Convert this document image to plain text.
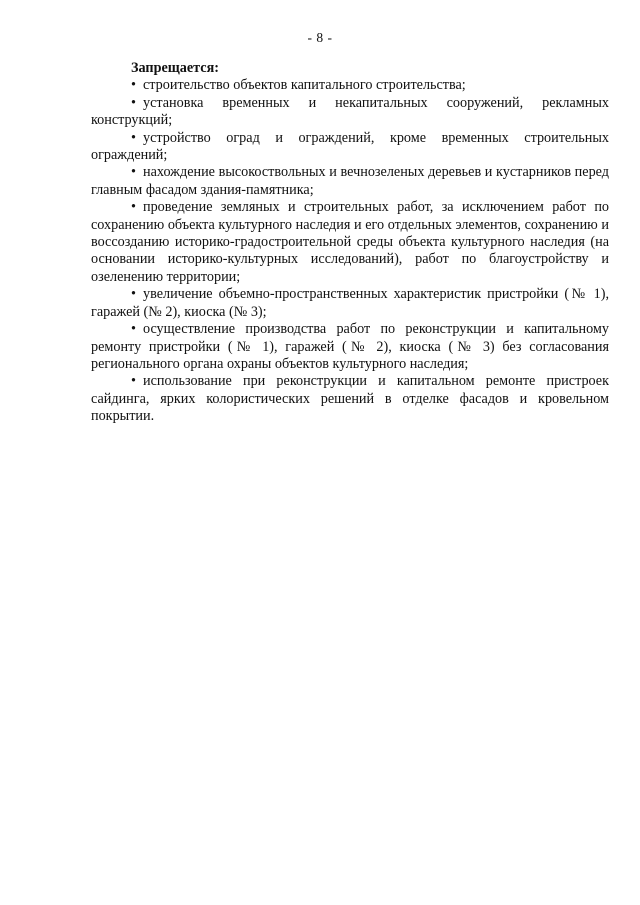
- 8 -

Запрещается:

• строительство объектов капитального строительства;

• установка временных и некапитальных сооружений, рекламных конструкций;

• устройство оград и ограждений, кроме временных строительных ограждений;

• нахождение высокоствольных и вечнозеленых деревьев и кустарников перед главным фасадом здания-памятника;

• проведение земляных и строительных работ, за исключением работ по сохранению объекта культурного наследия и его отдельных элементов, сохранению и воссозданию историко-градостроительной среды объекта культурного наследия (на основании историко-культурных исследований), работ по благоустройству и озеленению территории;

• увеличение объемно-пространственных характеристик пристройки (№ 1), гаражей (№ 2), киоска (№ 3);

• осуществление производства работ по реконструкции и капитальному ремонту пристройки (№ 1), гаражей (№ 2), киоска (№ 3) без согласования регионального органа охраны объектов культурного наследия;

• использование при реконструкции и капитальном ремонте пристроек сайдинга, ярких колористических решений в отделке фасадов и кровельном покрытии.
